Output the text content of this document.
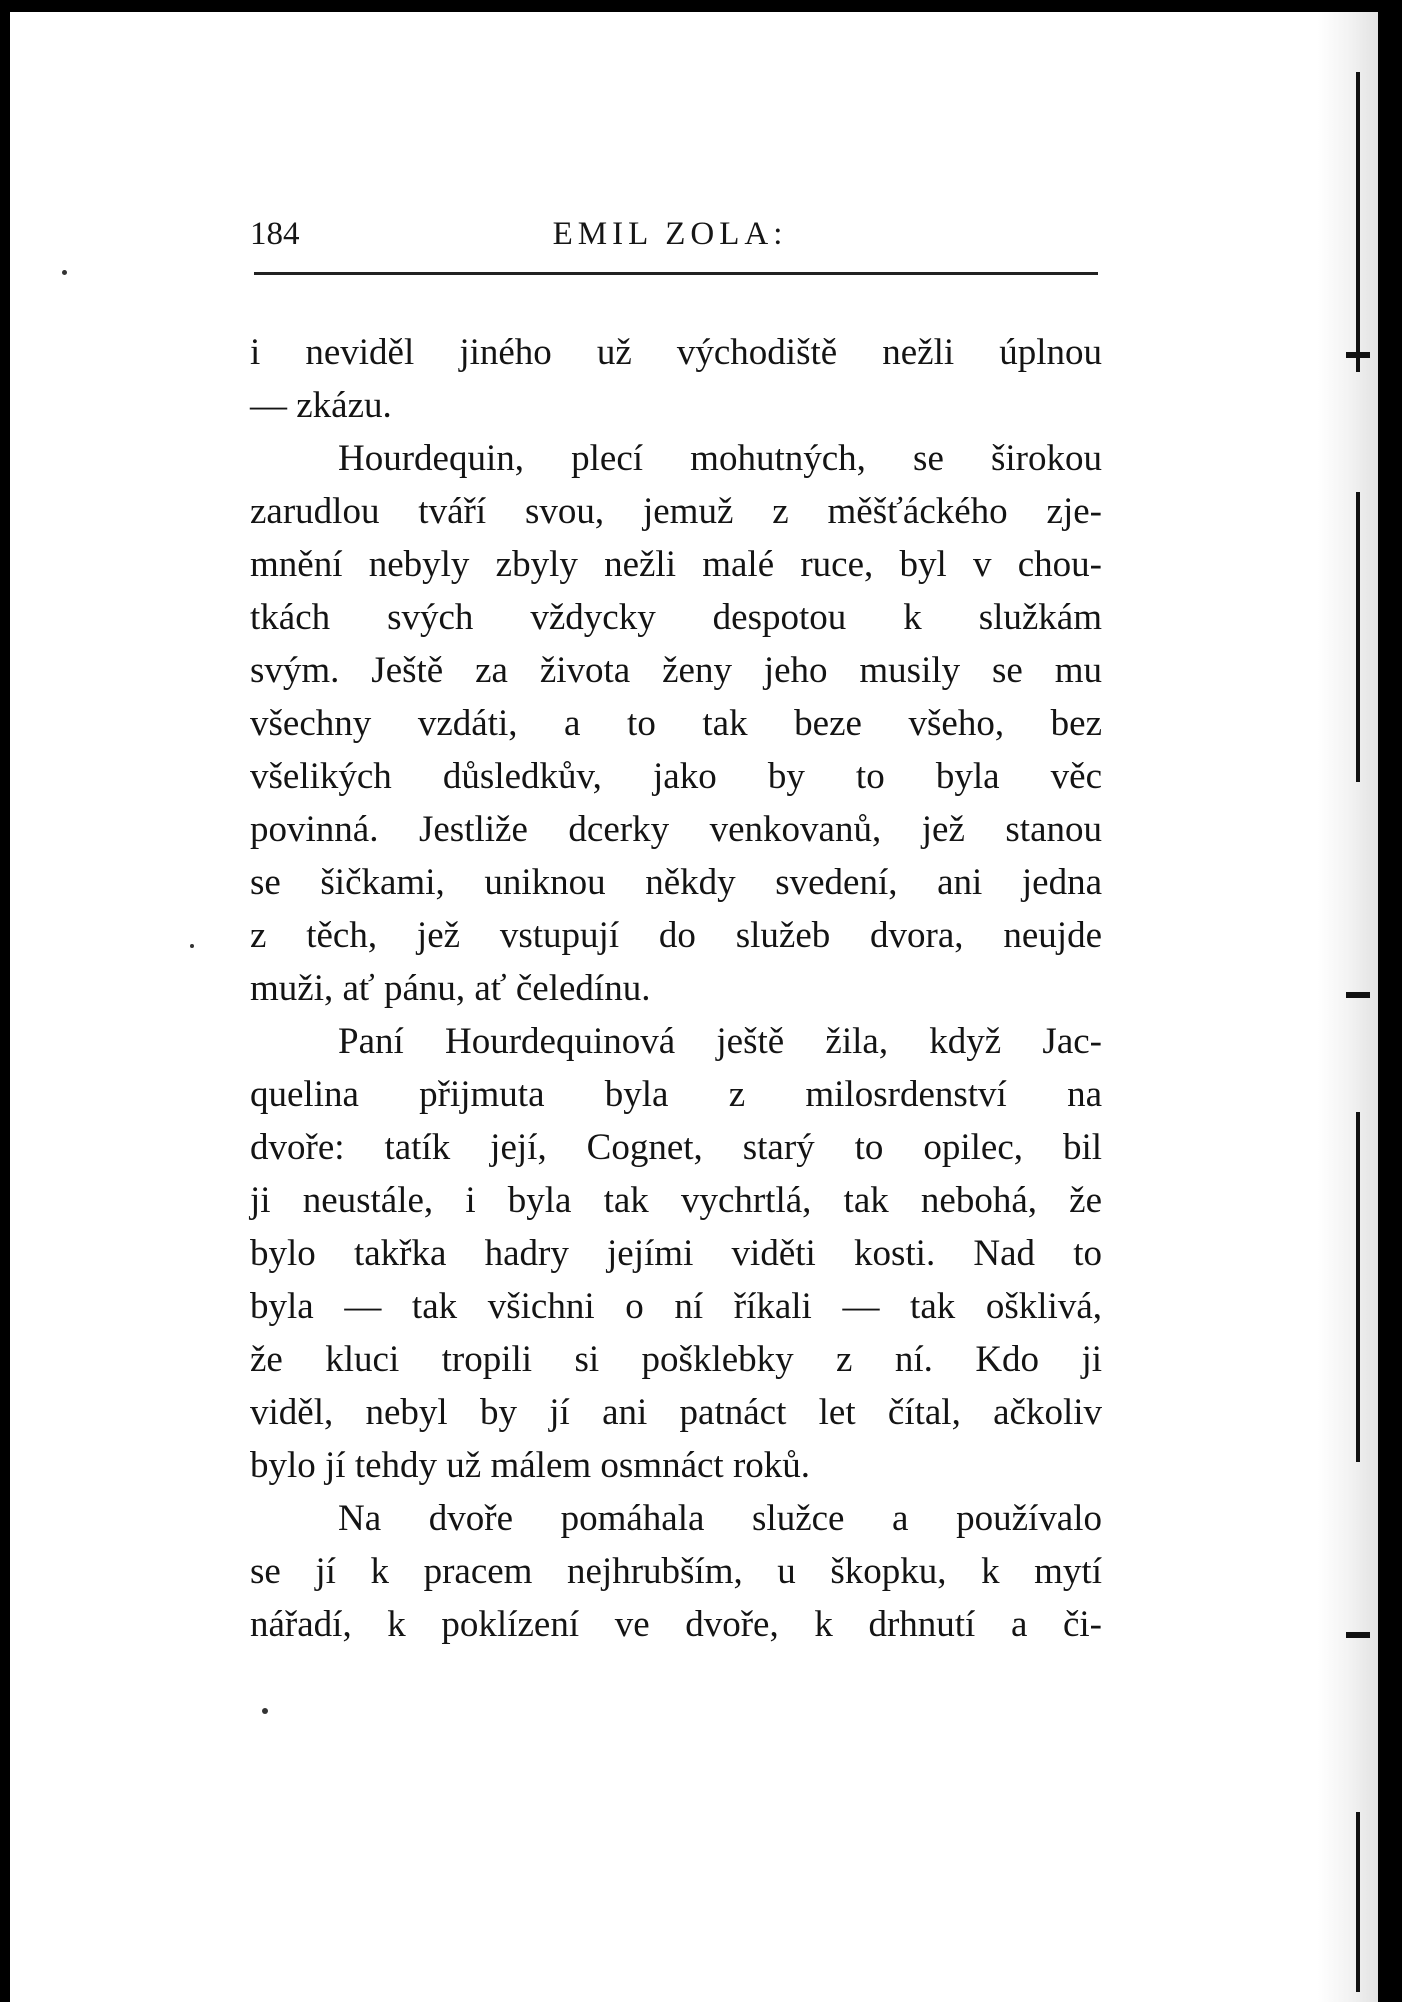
184	EMIL ZOLA:
i neviděl jiného už východiště nežli úplnou
— zkázu.
Hourdequin, plecí mohutných, se širokou
zarudlou tváří svou, jemuž z měšťáckého zje-
mnění nebyly zbyly nežli malé ruce, byl v chou-
tkách svých vždycky despotou k služkám
svým. Ještě za života ženy jeho musily se mu
všechny vzdáti, a to tak beze všeho, bez
všelikých důsledkův, jako by to byla věc
povinná. Jestliže dcerky venkovanů, jež stanou
se šičkami, uniknou někdy svedení, ani jedna
z těch, jež vstupují do služeb dvora, neujde
muži, ať pánu, ať čeledínu.
Paní Hourdequinová ještě žila, když Jac-
quelina přijmuta byla z milosrdenství na
dvoře: tatík její, Cognet, starý to opilec, bil
ji neustále, i byla tak vychrtlá, tak nebohá, že
bylo takřka hadry jejími viděti kosti. Nad to
byla — tak všichni o ní říkali — tak ošklivá,
že kluci tropili si pošklebky z ní. Kdo ji
viděl, nebyl by jí ani patnáct let čítal, ačkoliv
bylo jí tehdy už málem osmnáct roků.
Na dvoře pomáhala služce a používalo
se jí k pracem nejhrubším, u škopku, k mytí
nářadí, k poklízení ve dvoře, k drhnutí a či-
